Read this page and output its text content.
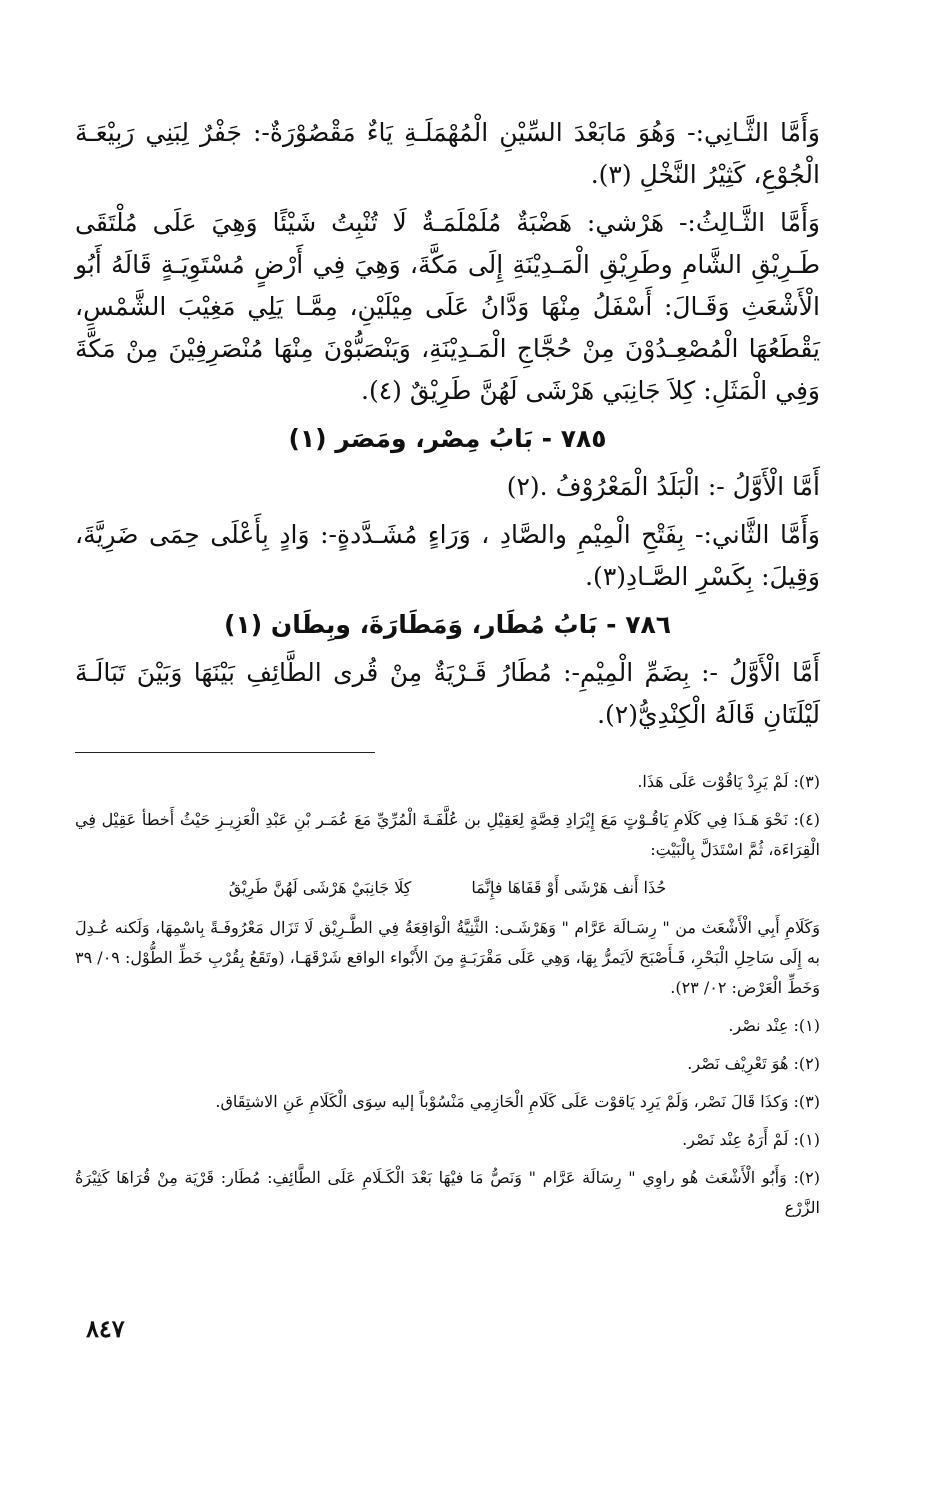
وَأَمَّا الثَّـانِي:- وَهُوَ مَابَعْدَ السِّيْنِ الْمُهْمَلَـةِ يَاءٌ مَقْصُوْرَةٌ-: جَفْرٌ لِبَنِي رَبِيْعَـةَ الْجُوْعِ، كَثِيْرُ النَّخْلِ (٣).

وَأَمَّا الثَّـالِثُ:- هَرْشي: هَضْبَةٌ مُلَمْلَمَـةٌ لَا تُنْبِتُ شَيْئًا وَهِيَ عَلَى مُلْتَقَى طَـرِيْقِ الشَّامِ وطَرِيْقِ الْمَـدِيْنَةِ إِلَى مَكَّةَ، وَهِيَ فِي أَرْضٍ مُسْتَوِيَـةٍ قَالَهُ أَبُو الْأَشْعَثِ وَقَـالَ: أَسْفَلُ مِنْهَا وَدَّانُ عَلَى مِيْلَيْنِ، مِمَّـا يَلِي مَغِيْبَ الشَّمْسِ، يَقْطَعُهَا الْمُصْعِـدُوْنَ مِنْ حُجَّاجِ الْمَـدِيْنَةِ، وَيَنْصَبُّوْنَ مِنْهَا مُنْصَرِفِيْنَ مِنْ مَكَّةَ وَفِي الْمَثَلِ: كِلاَ جَانِبَي هَرْشَى لَهُنَّ طَرِيْقٌ (٤).

٧٨٥ - بَابُ مِصْر، ومَصَر (١)

أَمَّا الْأَوَّلُ -: الْبَلَدُ الْمَعْرُوْفُ .(٢)

وَأَمَّا الثَّاني:- بِفَتْحِ الْمِيْمِ والصَّادِ ، وَرَاءٍ مُشَـدَّدةٍ-: وَادٍ بِأَعْلَى حِمَى ضَرِيَّةَ، وَقِيلَ: بِكَسْرِ الصَّـادِ(٣).

٧٨٦ - بَابُ مُطَار، وَمَطَارَةَ، وبِطَان (١)

أَمَّا الْأَوَّلُ -: بِضَمِّ الْمِيْمِ-: مُطَارُ قَـرْيَةٌ مِنْ قُرى الطَّائِفِ بَيْنَهَا وَبَيْنَ تَبَالَـةَ لَيْلَتَانِ قَالَهُ الْكِنْدِيُّ(٢).

(٣): لَمْ يَرِدْ يَاقُوْت عَلَى هَذَا.

(٤): نَحْوَ هَـذَا فِي كَلَامِ يَاقُـوْتٍ مَعَ إِيْرَادِ قِصَّةٍ لِعَقِيْلِ بن عُلَّفَـةَ الْمُرِّيِّ مَعَ عُمَـر بْنِ عَبْدِ الْعَزِيـزِ حَيْثُ أَخطأ عَقِيْل فِي الْقِرَاءَة، ثُمَّ اسْتَدَلَّ بِالْبَيْتِ:

حُذَا أَنف هَرْشَى أَوْ قَفَاهَا فإِنَّمَا
كِلَا جَانِبَيْ هَرْشَى لَهُنَّ طَرِيْقُ

وَكَلَامِ أَبِي الْأَشْعَث من " رِسَـالَة عَرَّام " وَهَرْشَـى: الثَّنِيَّةُ الْوَاقِعَةُ فِي الطَّـرِيْق لَا تَزَال مَعْرُوفَـةً بِاسْمِهَا، وَلَكنه عُـدِلَ به إِلَى سَاحِلِ الْبَحْرِ، فَـأَصْبَحَ لاَيَمرُّ بِهَا، وَهِي عَلَى مَقْرَبَـةٍ مِنَ الأَبْواء الواقع شَرْقَهَـا، (وتَقَعُ بِقُرْبِ خَطِّ الطُّوْل: ٠٩/ ٣٩ وَخَطِّ الْعَرْض: ٠٢/ ٢٣).

(١): عِنْد نصْر.

(٢): هُوَ تَعْرِيْف نَصْر.

(٣): وَكذَا قَالَ نَصْر، وَلَمْ يَرِد يَاقوْت عَلَى كَلَامِ الْحَازِمِي مَنْسُوْباً إليه سِوَى الْكَلَامِ عَنِ الاشتِقَاق.

(١): لَمْ أَرَهُ عِنْد نَصْر.

(٢): وَأَبُو الْأَشْعَث هُو راوِي " رِسَالَة عَرَّام " وَنَصُّ مَا فيْهَا بَعْدَ الْكَـلَامِ عَلَى الطَّائِفِ: مُطَار: قَرْيَة مِنْ قُرَاهَا كَثِيْرَةُ الزَّرْع

٨٤٧
